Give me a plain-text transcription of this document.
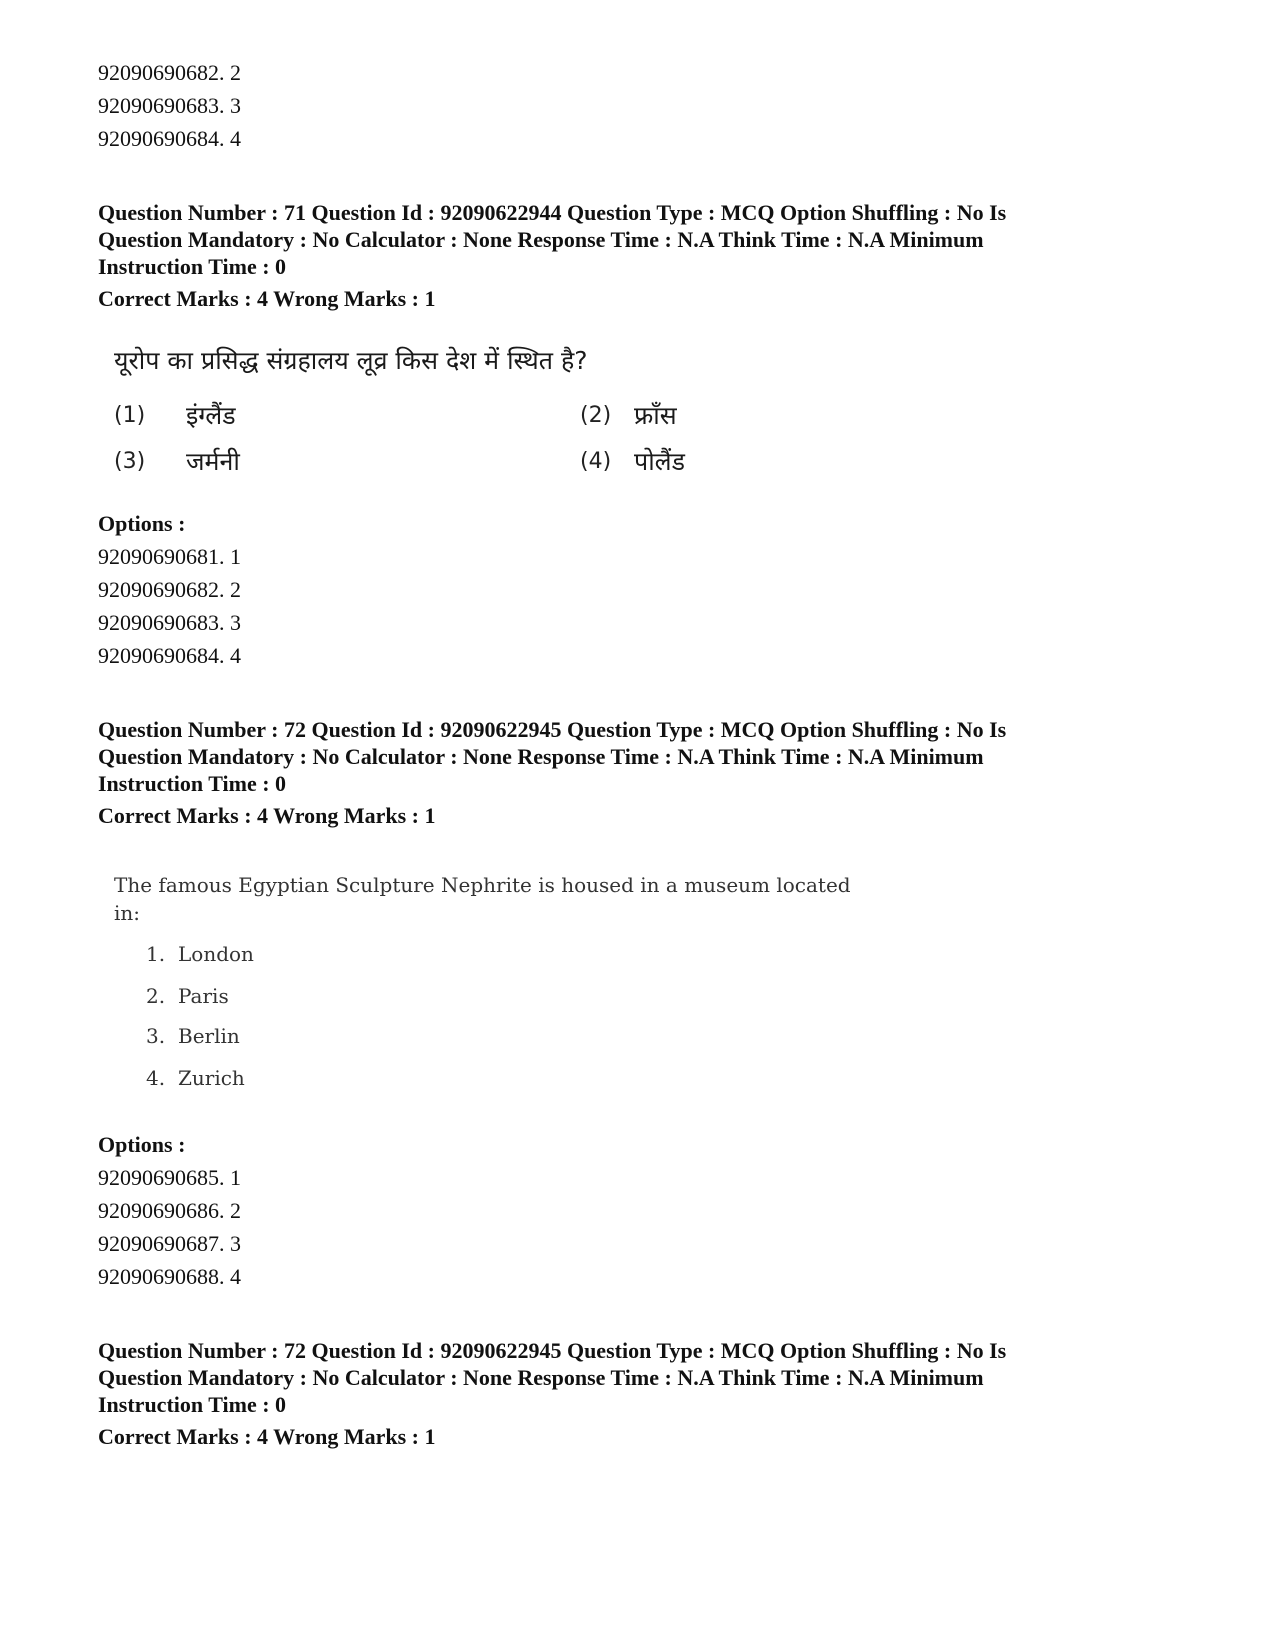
92090690682. 2
92090690683. 3
92090690684. 4

Question Number : 71 Question Id : 92090622944 Question Type : MCQ Option Shuffling : No Is

Question Mandatory : No Calculator : None Response Time : N.A Think Time : N.A Minimum

Instruction Time : 0

Correct Marks : 4 Wrong Marks : 1
यूरोप का प्रसिद्ध संग्रहालय लूव्र किस देश में स्थित है?
(1) इंग्लैंड	(2) फ्राँस
(3) जर्मनी	(4) पोलैंड
Options :
92090690681. 1
92090690682. 2
92090690683. 3
92090690684. 4

Question Number : 72 Question Id : 92090622945 Question Type : MCQ Option Shuffling : No Is

Question Mandatory : No Calculator : None Response Time : N.A Think Time : N.A Minimum

Instruction Time : 0

Correct Marks : 4 Wrong Marks : 1
The famous Egyptian Sculpture Nephrite is housed in a museum located
in:
1. London
2. Paris
3. Berlin
4. Zurich
Options :
92090690685. 1
92090690686. 2
92090690687. 3
92090690688. 4

Question Number : 72 Question Id : 92090622945 Question Type : MCQ Option Shuffling : No Is

Question Mandatory : No Calculator : None Response Time : N.A Think Time : N.A Minimum

Instruction Time : 0

Correct Marks : 4 Wrong Marks : 1
